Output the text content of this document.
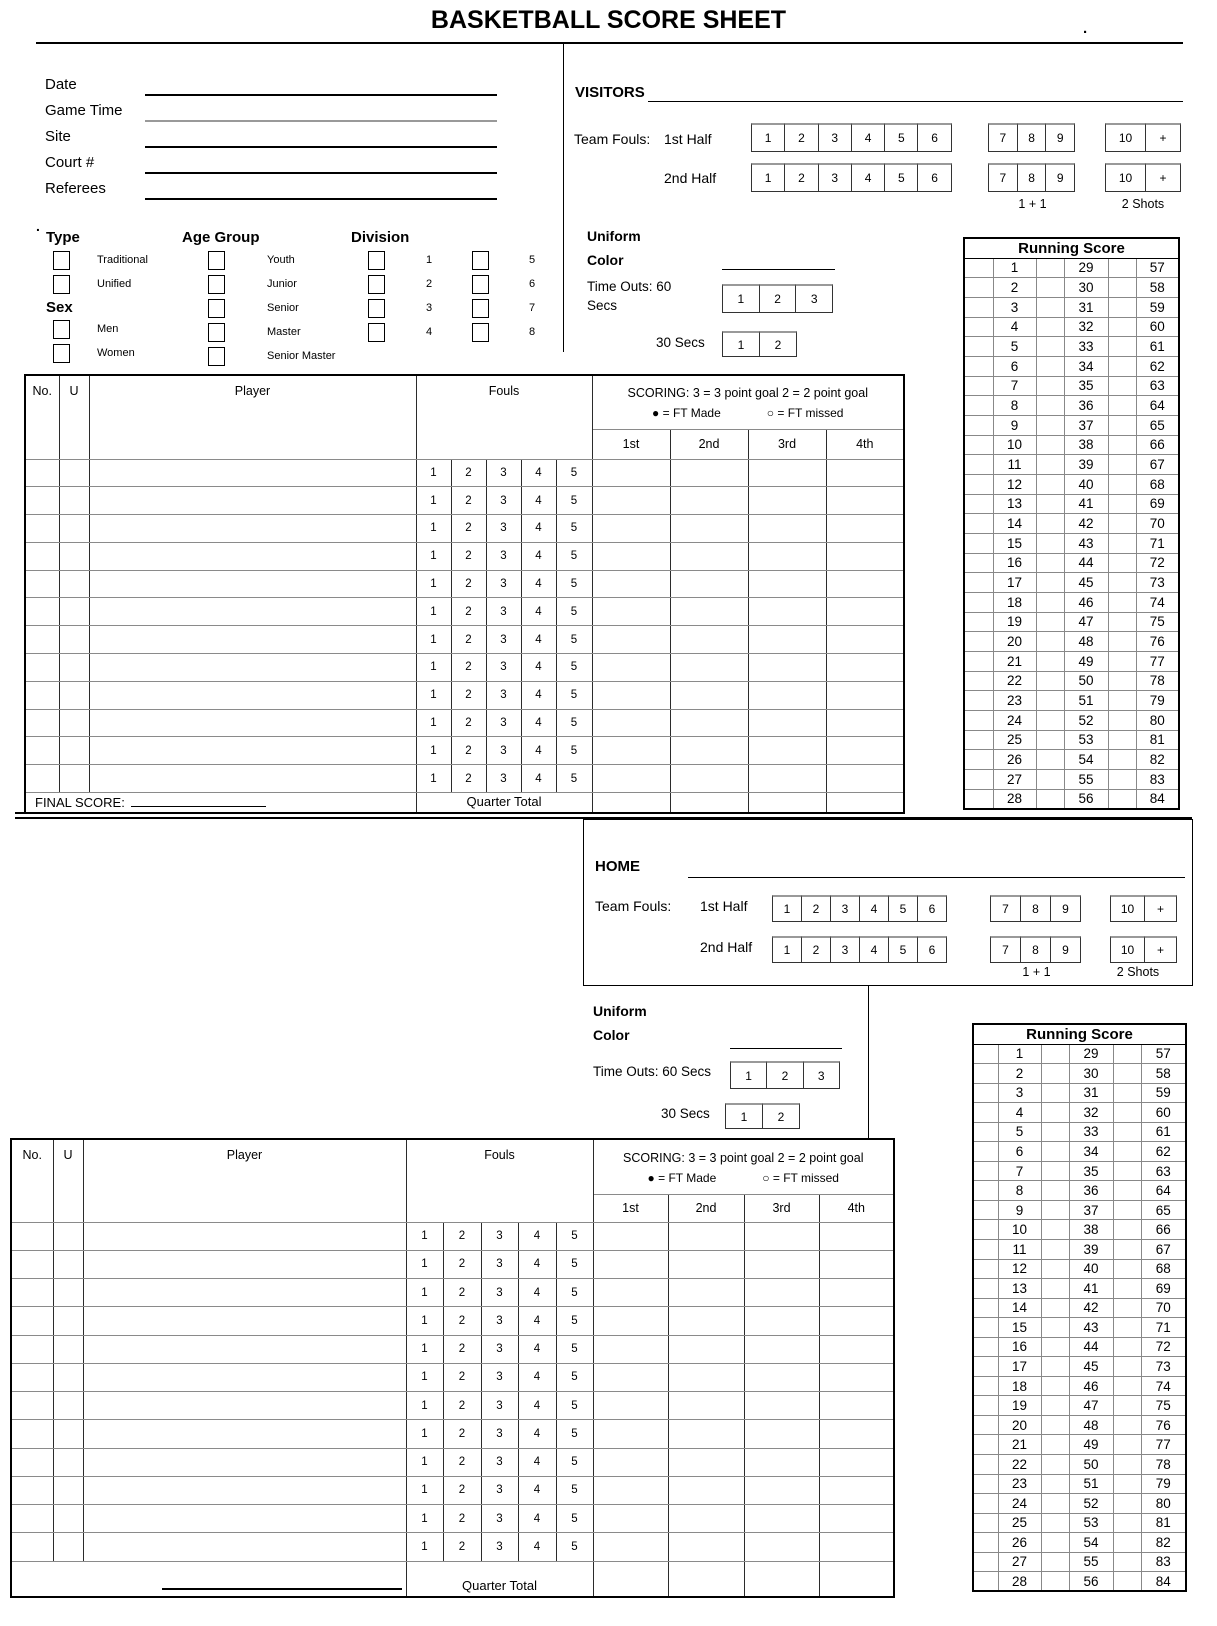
BASKETBALL SCORE SHEET	.
VISITORS
Team Fouls: 1st Half
2nd Half
1 + 1	2 Shots
Uniform
Color
Time Outs: 60
Secs
30 Secs
.
Type
Sex
Age Group	Division
HOME
Team Fouls: 1st Half
2nd Half
1 + 1	2 Shots
Uniform
Color
Time Outs: 60 Secs
30 Secs
Date
Game Time
Site
Court #
Referees
Traditional
Unified
Men
Women
Youth
Junior
Senior
Master
Senior Master
1
2
3
4
5
6
7
8
1	2	3	4	5	6	7	8	9	10	+
1	2	3	4	5	6	7	8	9	10	+
1	2	3
1	2
1	2	3	4	5	6	7	8	9	10	+
1	2	3	4	5	6	7	8	9	10	+
1	2	3
1	2
No.	U	Player	Fouls					SCORING: 3 = 3 point goal 2 = 2 point goal
● = FT Made ○ = FT missed			

								1st	2nd	3rd	4th
			1	2	3	4	5				
			1	2	3	4	5				
			1	2	3	4	5				
			1	2	3	4	5				
			1	2	3	4	5				
			1	2	3	4	5				
			1	2	3	4	5				
			1	2	3	4	5				
			1	2	3	4	5				
			1	2	3	4	5				
			1	2	3	4	5				
			1	2	3	4	5				
FINAL SCORE:			Quarter Total								
No.	U	Player	Fouls					SCORING: 3 = 3 point goal 2 = 2 point goal
● = FT Made ○ = FT missed			

								1st	2nd	3rd	4th
			1	2	3	4	5				
			1	2	3	4	5				
			1	2	3	4	5				
			1	2	3	4	5				
			1	2	3	4	5				
			1	2	3	4	5				
			1	2	3	4	5				
			1	2	3	4	5				
			1	2	3	4	5				
			1	2	3	4	5				
			1	2	3	4	5				
			1	2	3	4	5				
			Quarter Total								
Running Score					
	1		29		57
	2		30		58
	3		31		59
	4		32		60
	5		33		61
	6		34		62
	7		35		63
	8		36		64
	9		37		65
	10		38		66
	11		39		67
	12		40		68
	13		41		69
	14		42		70
	15		43		71
	16		44		72
	17		45		73
	18		46		74
	19		47		75
	20		48		76
	21		49		77
	22		50		78
	23		51		79
	24		52		80
	25		53		81
	26		54		82
	27		55		83
	28		56		84
Running Score					
	1		29		57
	2		30		58
	3		31		59
	4		32		60
	5		33		61
	6		34		62
	7		35		63
	8		36		64
	9		37		65
	10		38		66
	11		39		67
	12		40		68
	13		41		69
	14		42		70
	15		43		71
	16		44		72
	17		45		73
	18		46		74
	19		47		75
	20		48		76
	21		49		77
	22		50		78
	23		51		79
	24		52		80
	25		53		81
	26		54		82
	27		55		83
	28		56		84
